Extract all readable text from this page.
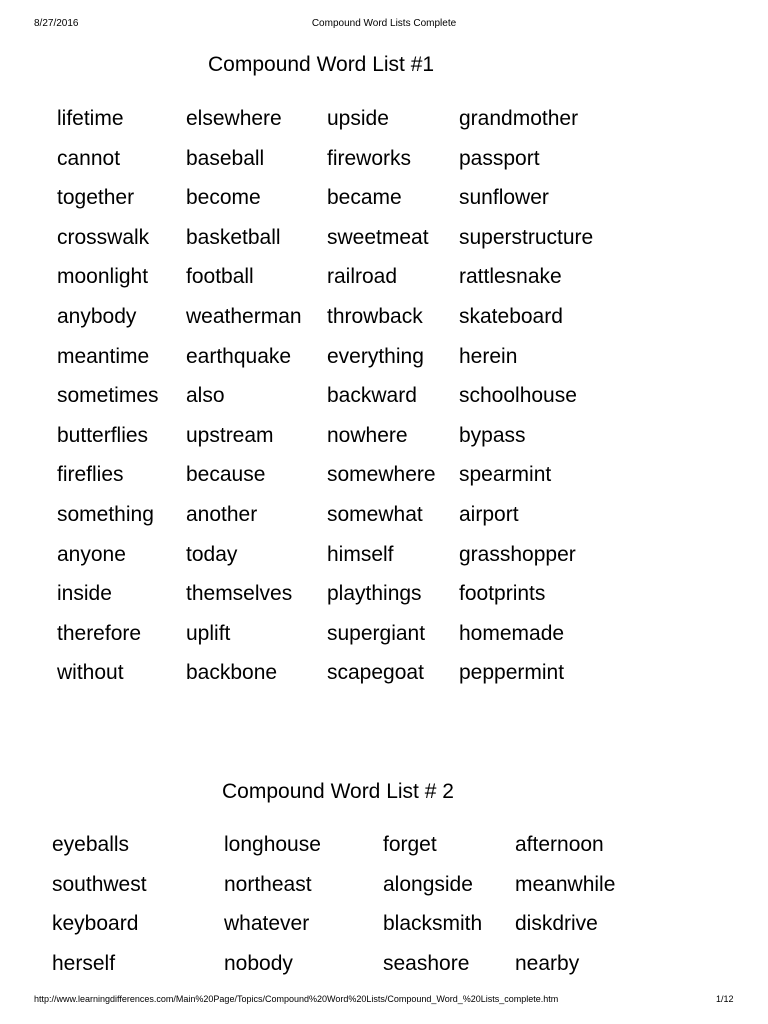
8/27/2016	Compound Word Lists Complete
Compound Word List #1
lifetime
cannot
together
crosswalk
moonlight
anybody
meantime
sometimes
butterflies
fireflies
something
anyone
inside
therefore
without
elsewhere
baseball
become
basketball
football
weatherman
earthquake
also
upstream
because
another
today
themselves
uplift
backbone
upside
fireworks
became
sweetmeat
railroad
throwback
everything
backward
nowhere
somewhere
somewhat
himself
playthings
supergiant
scapegoat
grandmother
passport
sunflower
superstructure
rattlesnake
skateboard
herein
schoolhouse
bypass
spearmint
airport
grasshopper
footprints
homemade
peppermint
Compound Word List # 2
eyeballs
southwest
keyboard
herself
longhouse
northeast
whatever
nobody
forget
alongside
blacksmith
seashore
afternoon
meanwhile
diskdrive
nearby
http://www.learningdifferences.com/Main%20Page/Topics/Compound%20Word%20Lists/Compound_Word_%20Lists_complete.htm	1/12
